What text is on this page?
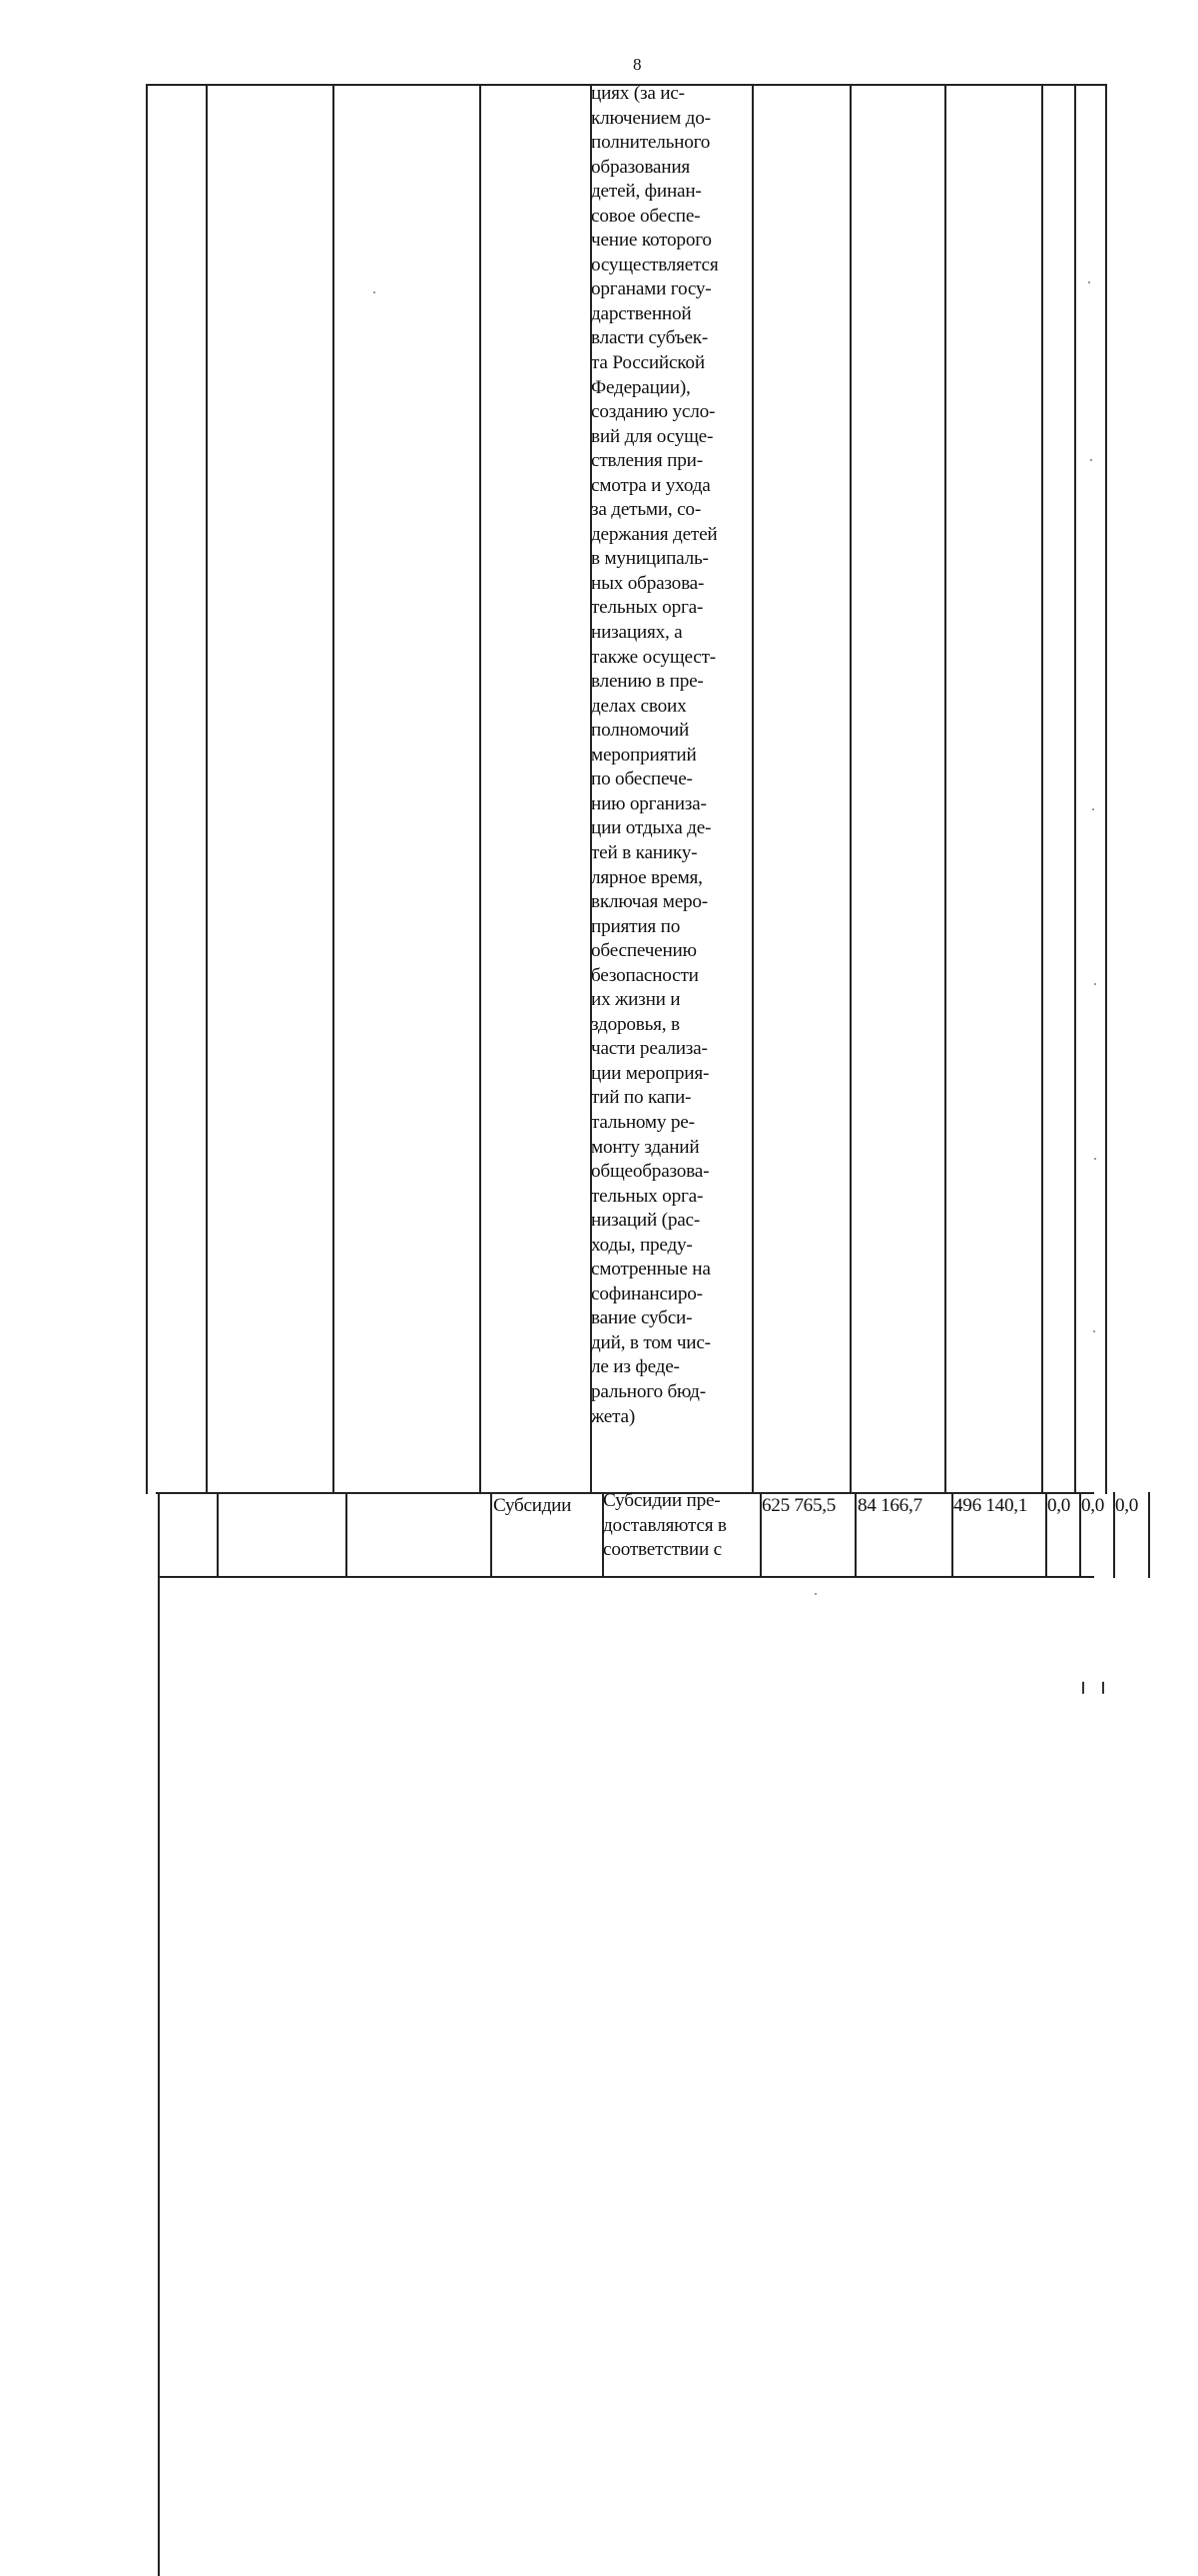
8
циях (за ис-
ключением до-
полнительного
образования
детей, финан-
совое обеспе-
чение которого
осуществляется
органами госу-
дарственной
власти субъек-
та Российской
Федерации),
созданию усло-
вий для осуще-
ствления при-
смотра и ухода
за детьми, со-
держания детей
в муниципаль-
ных образова-
тельных орга-
низациях, а
также осущест-
влению в пре-
делах своих
полномочий
мероприятий
по обеспече-
нию организа-
ции отдыха де-
тей в канику-
лярное время,
включая меро-
приятия по
обеспечению
безопасности
их жизни и
здоровья, в
части реализа-
ции мероприя-
тий по капи-
тальному ре-
монту зданий
общеобразова-
тельных орга-
низаций (рас-
ходы, преду-
смотренные на
софинансиро-
вание субси-
дий, в том чис-
ле из феде-
рального бюд-
жета)
Субсидии Субсидии пре-
доставляются в
соответствии с
625 765,5 84 166,7 496 140,1 0,0 0,0 0,0
